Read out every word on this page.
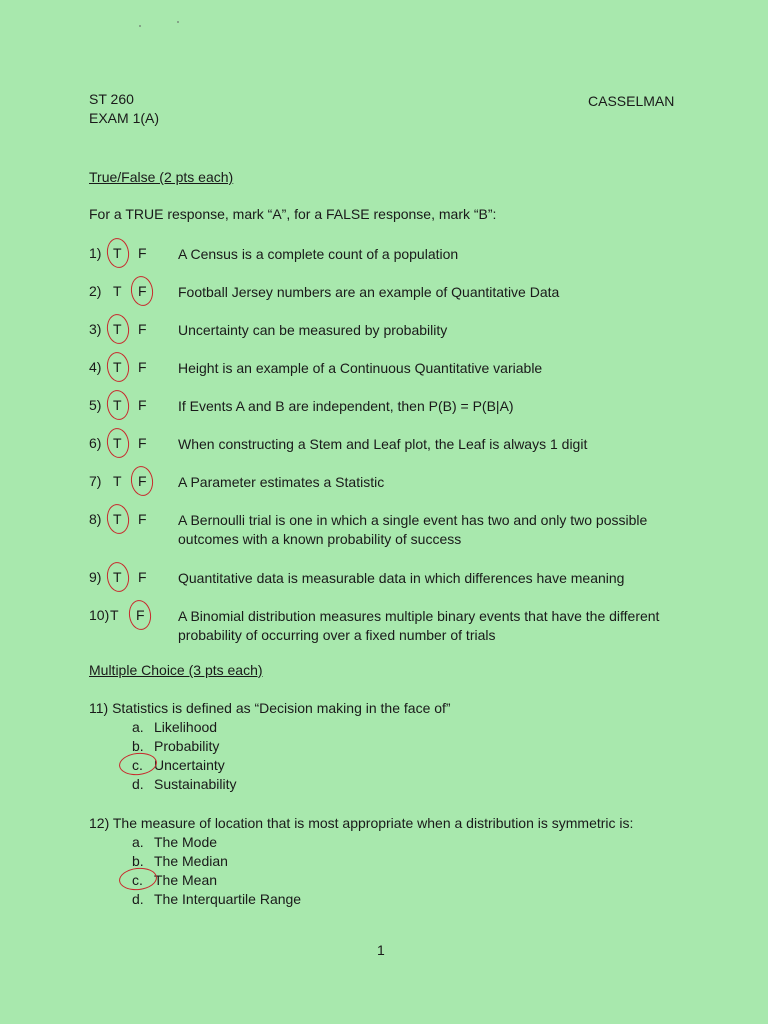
ST 260
EXAM 1(A)
CASSELMAN
True/False (2 pts each)
For a TRUE response, mark “A”, for a FALSE response, mark “B”:
1) T F A Census is a complete count of a population
2) T F Football Jersey numbers are an example of Quantitative Data
3) T F Uncertainty can be measured by probability
4) T F Height is an example of a Continuous Quantitative variable
5) T F If Events A and B are independent, then P(B) = P(B|A)
6) T F When constructing a Stem and Leaf plot, the Leaf is always 1 digit
7) T F A Parameter estimates a Statistic
8) T F A Bernoulli trial is one in which a single event has two and only two possible outcomes with a known probability of success
9) T F Quantitative data is measurable data in which differences have meaning
10) T F A Binomial distribution measures multiple binary events that have the different probability of occurring over a fixed number of trials
Multiple Choice (3 pts each)
11) Statistics is defined as “Decision making in the face of”
a. Likelihood
b. Probability
c. Uncertainty
d. Sustainability
12) The measure of location that is most appropriate when a distribution is symmetric is:
a. The Mode
b. The Median
c. The Mean
d. The Interquartile Range
1
